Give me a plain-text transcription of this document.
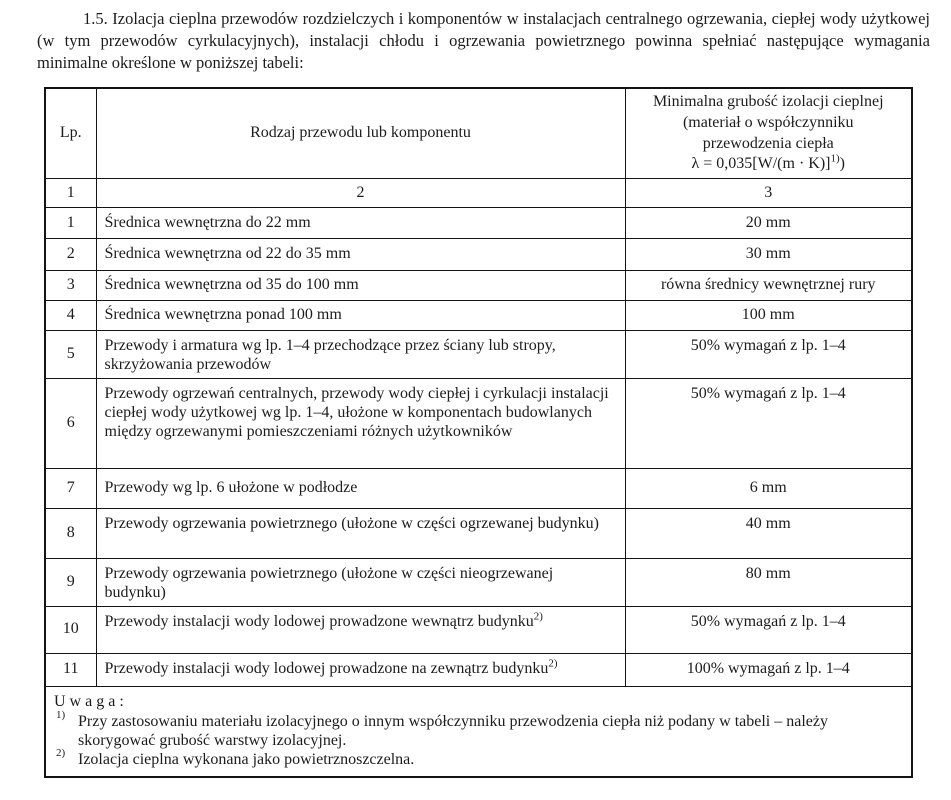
1.5. Izolacja cieplna przewodów rozdzielczych i komponentów w instalacjach centralnego ogrzewania, ciepłej wody użytkowej (w tym przewodów cyrkulacyjnych), instalacji chłodu i ogrzewania powietrznego powinna spełniać następujące wymagania minimalne określone w poniższej tabeli:

Lp.	Rodzaj przewodu lub komponentu	Minimalna grubość izolacji cieplnej
(materiał o współczynniku
przewodzenia ciepła
λ = 0,035[W/(m · K)]$^{1)}$)

1	2	3
1	Średnica wewnętrzna do 22 mm	20 mm
2	Średnica wewnętrzna od 22 do 35 mm	30 mm
3	Średnica wewnętrzna od 35 do 100 mm	równa średnicy wewnętrznej rury
4	Średnica wewnętrzna ponad 100 mm	100 mm
5	Przewody i armatura wg lp. 1–4 przechodzące przez ściany lub stropy, skrzyżowania przewodów	50% wymagań z lp. 1–4
6	Przewody ogrzewań centralnych, przewody wody ciepłej i cyrkulacji instalacji ciepłej wody użytkowej wg lp. 1–4, ułożone w komponentach budowlanych między ogrzewanymi pomieszczeniami różnych użytkowników	50% wymagań z lp. 1–4
7	Przewody wg lp. 6 ułożone w podłodze	6 mm
8	Przewody ogrzewania powietrznego (ułożone w części ogrzewanej budynku)	40 mm
9	Przewody ogrzewania powietrznego (ułożone w części nieogrzewanej budynku)	80 mm
10	Przewody instalacji wody lodowej prowadzone wewnątrz budynku$^{2)}$	50% wymagań z lp. 1–4
11	Przewody instalacji wody lodowej prowadzone na zewnątrz budynku$^{2)}$	100% wymagań z lp. 1–4

U w a g a :

1) Przy zastosowaniu materiału izolacyjnego o innym współczynniku przewodzenia ciepła niż podany w tabeli – należy skorygować grubość warstwy izolacyjnej.

2) Izolacja cieplna wykonana jako powietrznoszczelna.		
